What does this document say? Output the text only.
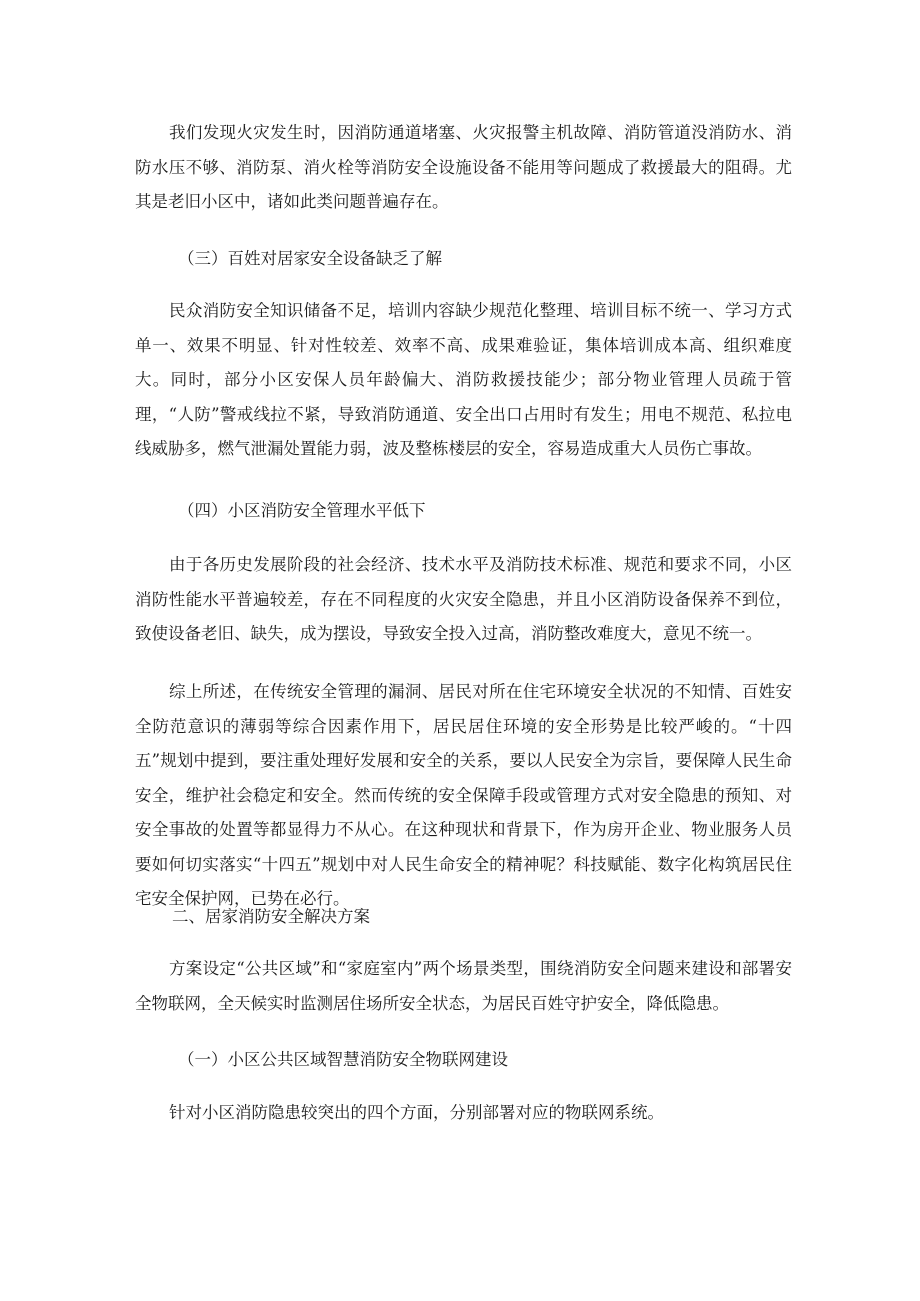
我们发现火灾发生时，因消防通道堵塞、火灾报警主机故障、消防管道没消防水、消防水压不够、消防泵、消火栓等消防安全设施设备不能用等问题成了救援最大的阻碍。尤其是老旧小区中，诸如此类问题普遍存在。

（三）百姓对居家安全设备缺乏了解

民众消防安全知识储备不足，培训内容缺少规范化整理、培训目标不统一、学习方式单一、效果不明显、针对性较差、效率不高、成果难验证，集体培训成本高、组织难度大。同时，部分小区安保人员年龄偏大、消防救援技能少；部分物业管理人员疏于管理，“人防”警戒线拉不紧，导致消防通道、安全出口占用时有发生；用电不规范、私拉电线威胁多，燃气泄漏处置能力弱，波及整栋楼层的安全，容易造成重大人员伤亡事故。

（四）小区消防安全管理水平低下

由于各历史发展阶段的社会经济、技术水平及消防技术标准、规范和要求不同，小区消防性能水平普遍较差，存在不同程度的火灾安全隐患，并且小区消防设备保养不到位，致使设备老旧、缺失，成为摆设，导致安全投入过高，消防整改难度大，意见不统一。

综上所述，在传统安全管理的漏洞、居民对所在住宅环境安全状况的不知情、百姓安全防范意识的薄弱等综合因素作用下，居民居住环境的安全形势是比较严峻的。“十四五”规划中提到，要注重处理好发展和安全的关系，要以人民安全为宗旨，要保障人民生命安全，维护社会稳定和安全。然而传统的安全保障手段或管理方式对安全隐患的预知、对安全事故的处置等都显得力不从心。在这种现状和背景下，作为房开企业、物业服务人员要如何切实落实“十四五”规划中对人民生命安全的精神呢？科技赋能、数字化构筑居民住宅安全保护网，已势在必行。

二、居家消防安全解决方案

方案设定“公共区域”和“家庭室内”两个场景类型，围绕消防安全问题来建设和部署安全物联网，全天候实时监测居住场所安全状态，为居民百姓守护安全，降低隐患。

（一）小区公共区域智慧消防安全物联网建设

针对小区消防隐患较突出的四个方面，分别部署对应的物联网系统。
